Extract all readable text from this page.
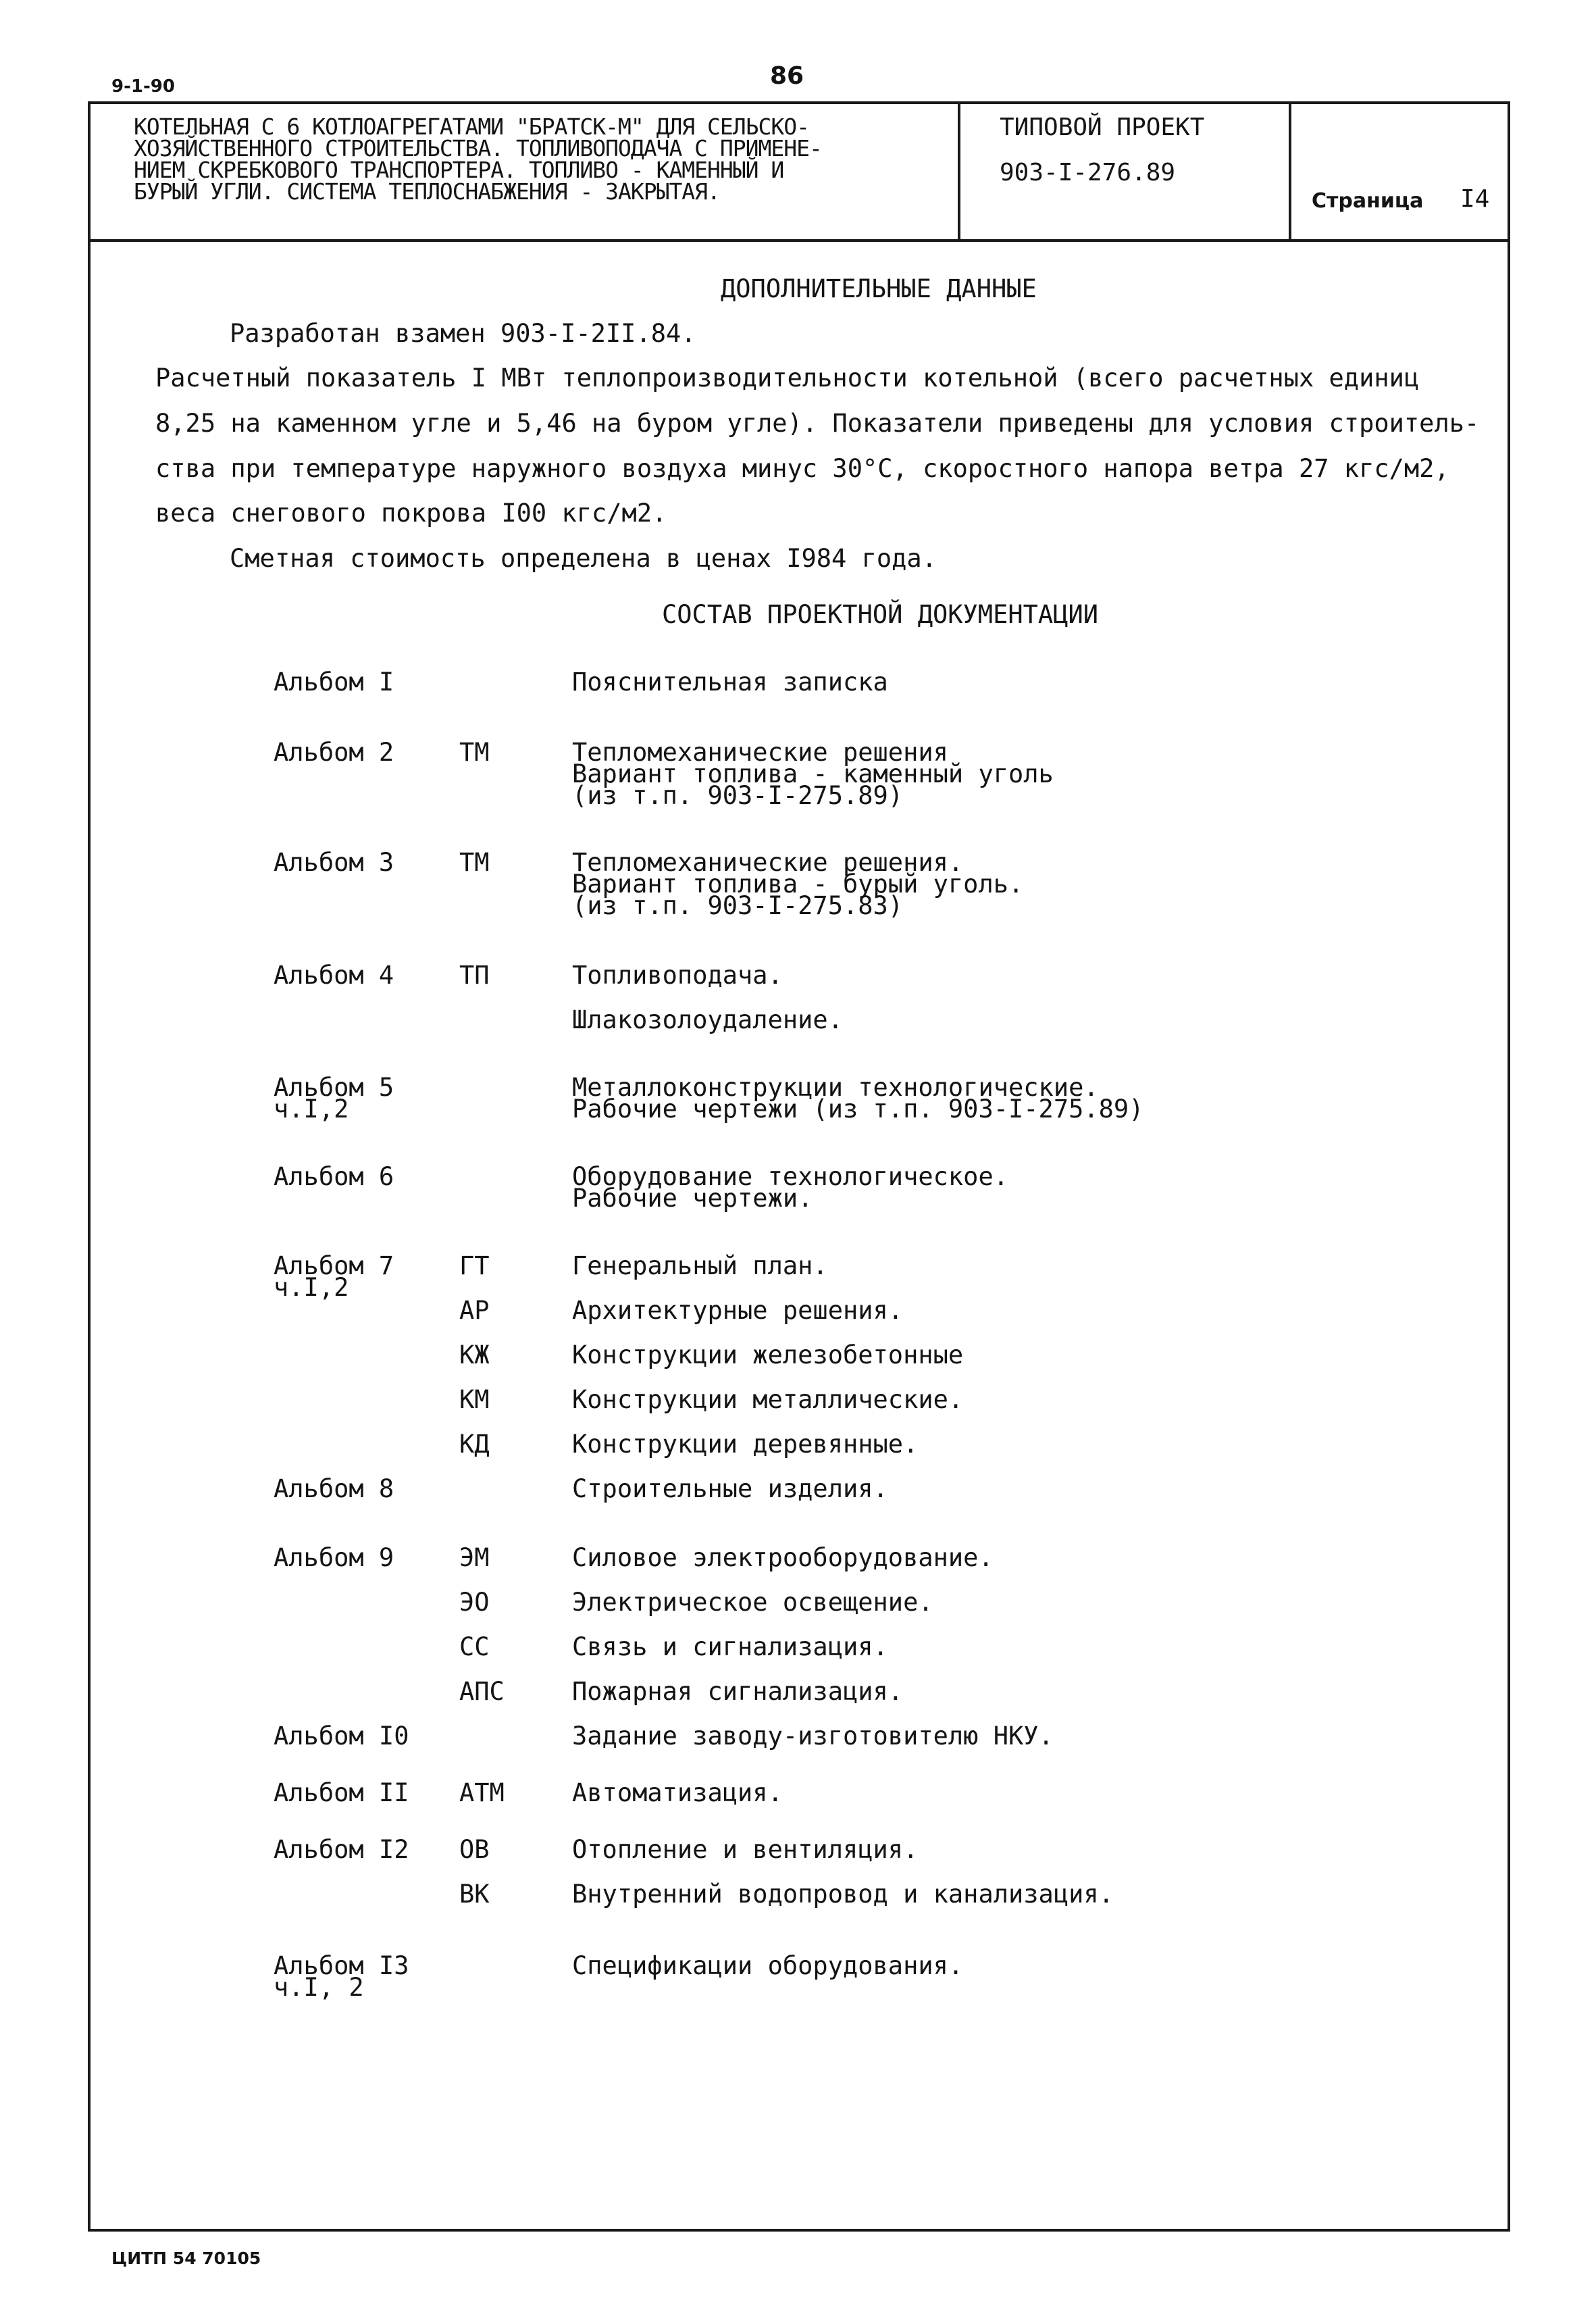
9-1-90	86
КОТЕЛЬНАЯ С 6 КОТЛОАГРЕГАТАМИ "БРАТСК-М" ДЛЯ СЕЛЬСКО-
ХОЗЯЙСТВЕННОГО СТРОИТЕЛЬСТВА. ТОПЛИВОПОДАЧА С ПРИМЕНЕ-
НИЕМ СКРЕБКОВОГО ТРАНСПОРТЕРА. ТОПЛИВО - КАМЕННЫЙ И
БУРЫЙ УГЛИ. СИСТЕМА ТЕПЛОСНАБЖЕНИЯ - ЗАКРЫТАЯ.
ТИПОВОЙ ПРОЕКТ
903-I-276.89
Страница I4
ДОПОЛНИТЕЛЬНЫЕ ДАННЫЕ
Разработан взамен 903-I-2II.84.
Расчетный показатель I МВт теплопроизводительности котельной (всего расчетных единиц
8,25 на каменном угле и 5,46 на буром угле). Показатели приведены для условия строитель-
ства при температуре наружного воздуха минус 30°С, скоростного напора ветра 27 кгс/м2,
веса снегового покрова I00 кгс/м2.
Сметная стоимость определена в ценах I984 года.
СОСТАВ ПРОЕКТНОЙ ДОКУМЕНТАЦИИ
Альбом I	Пояснительная записка
Альбом 2	ТМ	Тепломеханические решения
Вариант топлива - каменный уголь
(из т.п. 903-I-275.89)
Альбом 3	ТМ	Тепломеханические решения.
Вариант топлива - бурый уголь.
(из т.п. 903-I-275.83)
Альбом 4	ТП	Топливоподача.
Шлакозолоудаление.
Альбом 5	Металлоконструкции технологические.
ч.I,2	Рабочие чертежи (из т.п. 903-I-275.89)
Альбом 6	Оборудование технологическое.
Рабочие чертежи.
Альбом 7	ГТ	Генеральный план.
ч.I,2
АР	Архитектурные решения.
КЖ	Конструкции железобетонные
КМ	Конструкции металлические.
КД	Конструкции деревянные.
Альбом 8	Строительные изделия.
Альбом 9	ЭМ	Силовое электрооборудование.
ЭО	Электрическое освещение.
СС	Связь и сигнализация.
АПС	Пожарная сигнализация.
Альбом I0	Задание заводу-изготовителю НКУ.
Альбом II АТМ	Автоматизация.
Альбом I2 ОВ	Отопление и вентиляция.
ВК	Внутренний водопровод и канализация.
Альбом I3	Спецификации оборудования.
ч.I, 2
ЦИТП 54 70105
